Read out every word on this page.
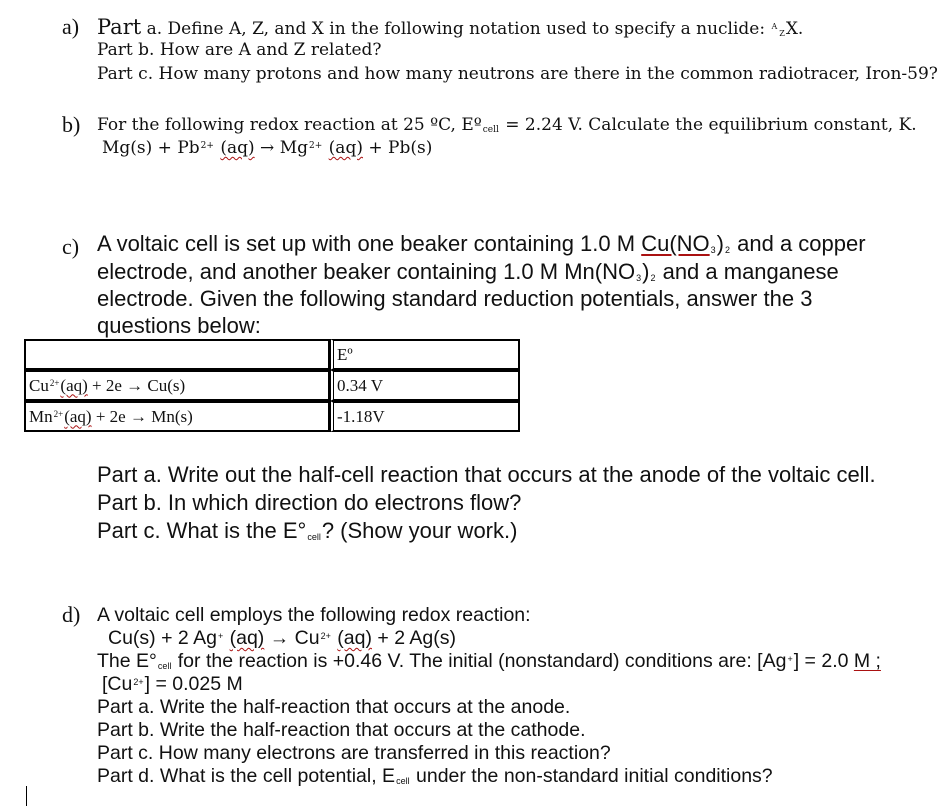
a) Part a. Define A, Z, and X in the following notation used to specify a nuclide: $^A$ZX.
Part b. How are A and Z related?
Part c. How many protons and how many neutrons are there in the common radiotracer, Iron-59?
b) For the following redox reaction at 25 ºC, Eºcell = 2.24 V. Calculate the equilibrium constant, K.
$Mg(s) + Pb^{2+}$ $(aq) \to Mg^{2+}$ (aq) + Pb(s)
c) A voltaic cell is set up with one beaker containing 1.0 M Cu(NO3)2 and a copper
electrode, and another beaker containing 1.0 M Mn(NO3)2 and a manganese
electrode. Given the following standard reduction potentials, answer the 3
questions below:
	Eº
$Cu^{2+}(aq) + 2e \to Cu(s)$	0.34 V
$Mn^{2+}(aq) + 2e \to Mn(s)$	-1.18V
Part a. Write out the half-cell reaction that occurs at the anode of the voltaic cell.
Part b. In which direction do electrons flow?
Part c. What is the E°cell? (Show your work.)
d) A voltaic cell employs the following redox reaction:
Cu(s) + 2 Ag+ $(aq) \to Cu^{2+}$ (aq) + 2 Ag(s)
The E°cell for the reaction is +0.46 V. The initial (nonstandard) conditions are: [Ag+] = 2.0 M ;
$[Cu^{2+}] = 0.025$ M
Part a. Write the half-reaction that occurs at the anode.
Part b. Write the half-reaction that occurs at the cathode.
Part c. How many electrons are transferred in this reaction?
Part d. What is the cell potential, Ecell under the non-standard initial conditions?
